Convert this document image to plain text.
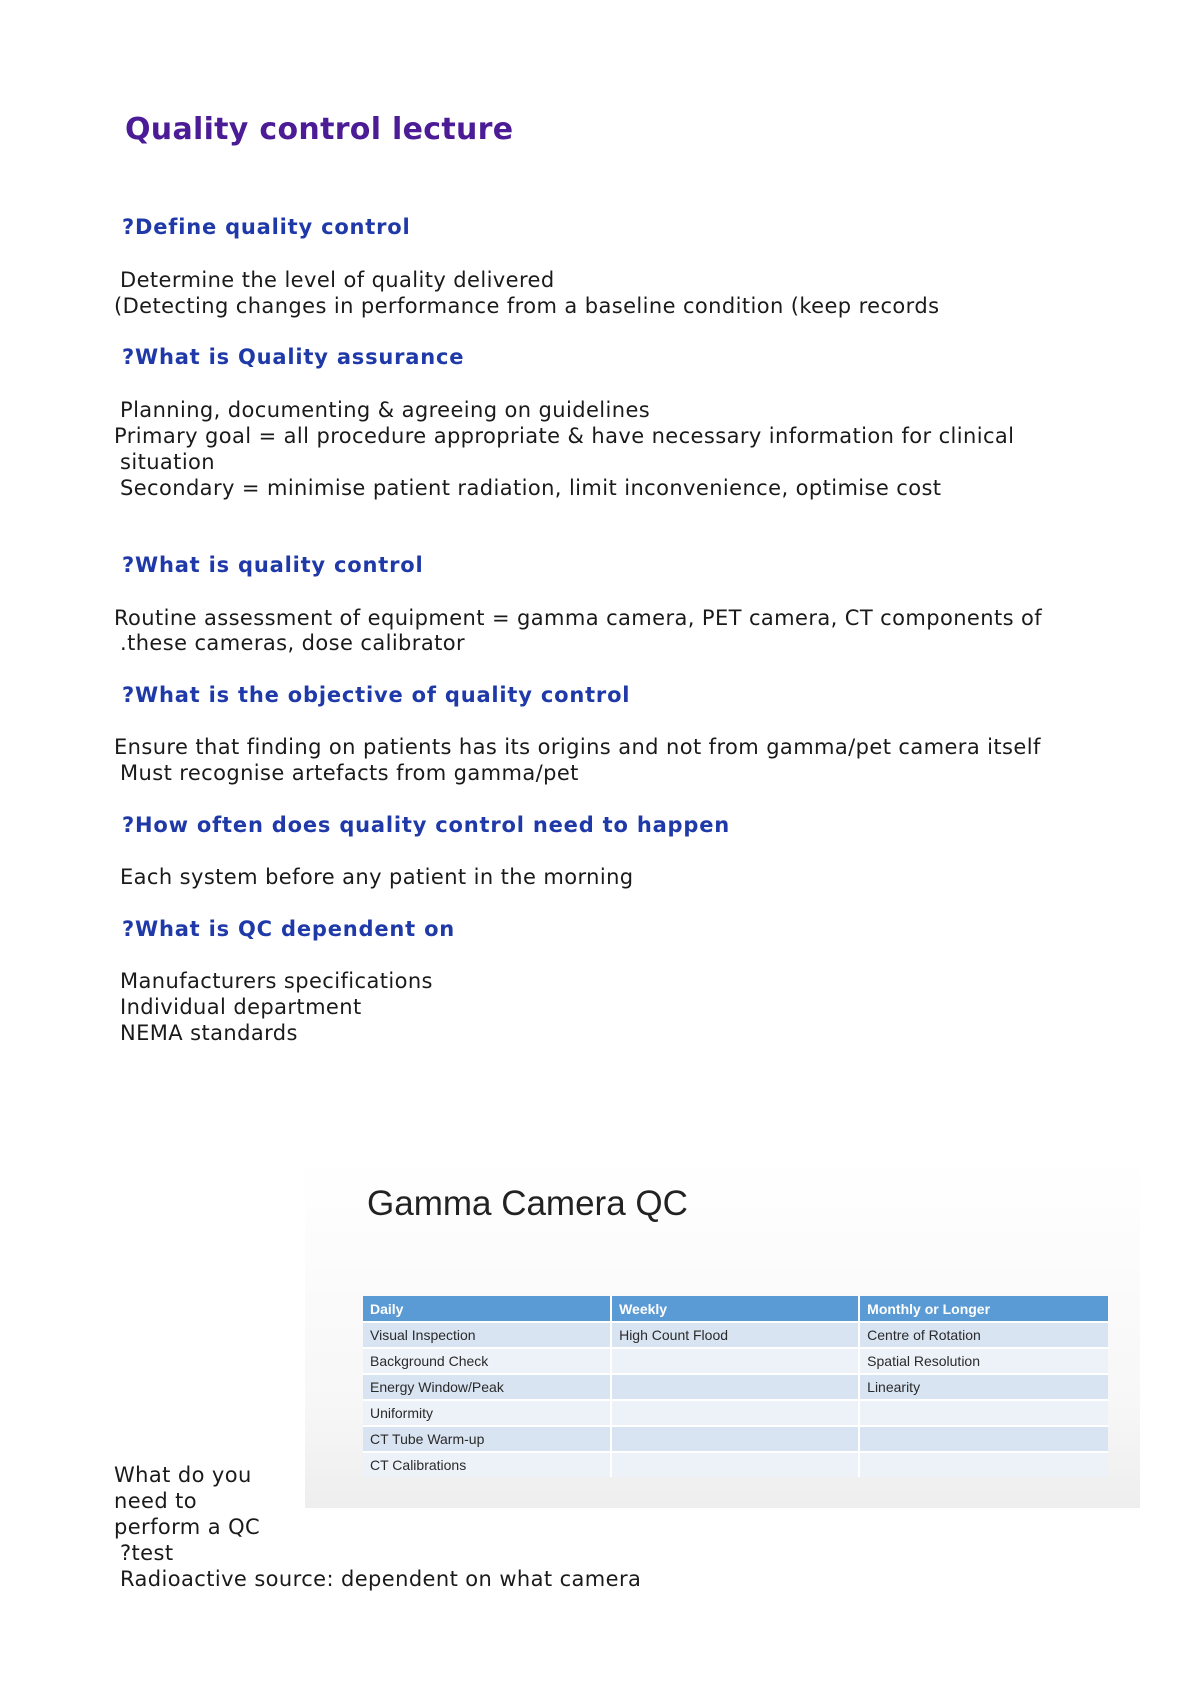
Quality control lecture
?Define quality control
Determine the level of quality delivered
(Detecting changes in performance from a baseline condition (keep records
?What is Quality assurance
Planning, documenting & agreeing on guidelines
Primary goal = all procedure appropriate & have necessary information for clinical
situation
Secondary = minimise patient radiation, limit inconvenience, optimise cost
?What is quality control
Routine assessment of equipment = gamma camera, PET camera, CT components of
.these cameras, dose calibrator
?What is the objective of quality control
Ensure that finding on patients has its origins and not from gamma/pet camera itself
Must recognise artefacts from gamma/pet
?How often does quality control need to happen
Each system before any patient in the morning
?What is QC dependent on
Manufacturers specifications
Individual department
NEMA standards
Gamma Camera QC
Daily	Weekly	Monthly or Longer
Visual Inspection	High Count Flood	Centre of Rotation
Background Check		Spatial Resolution
Energy Window/Peak		Linearity
Uniformity		
CT Tube Warm-up		
CT Calibrations		
What do you
need to
perform a QC
?test
Radioactive source: dependent on what camera
